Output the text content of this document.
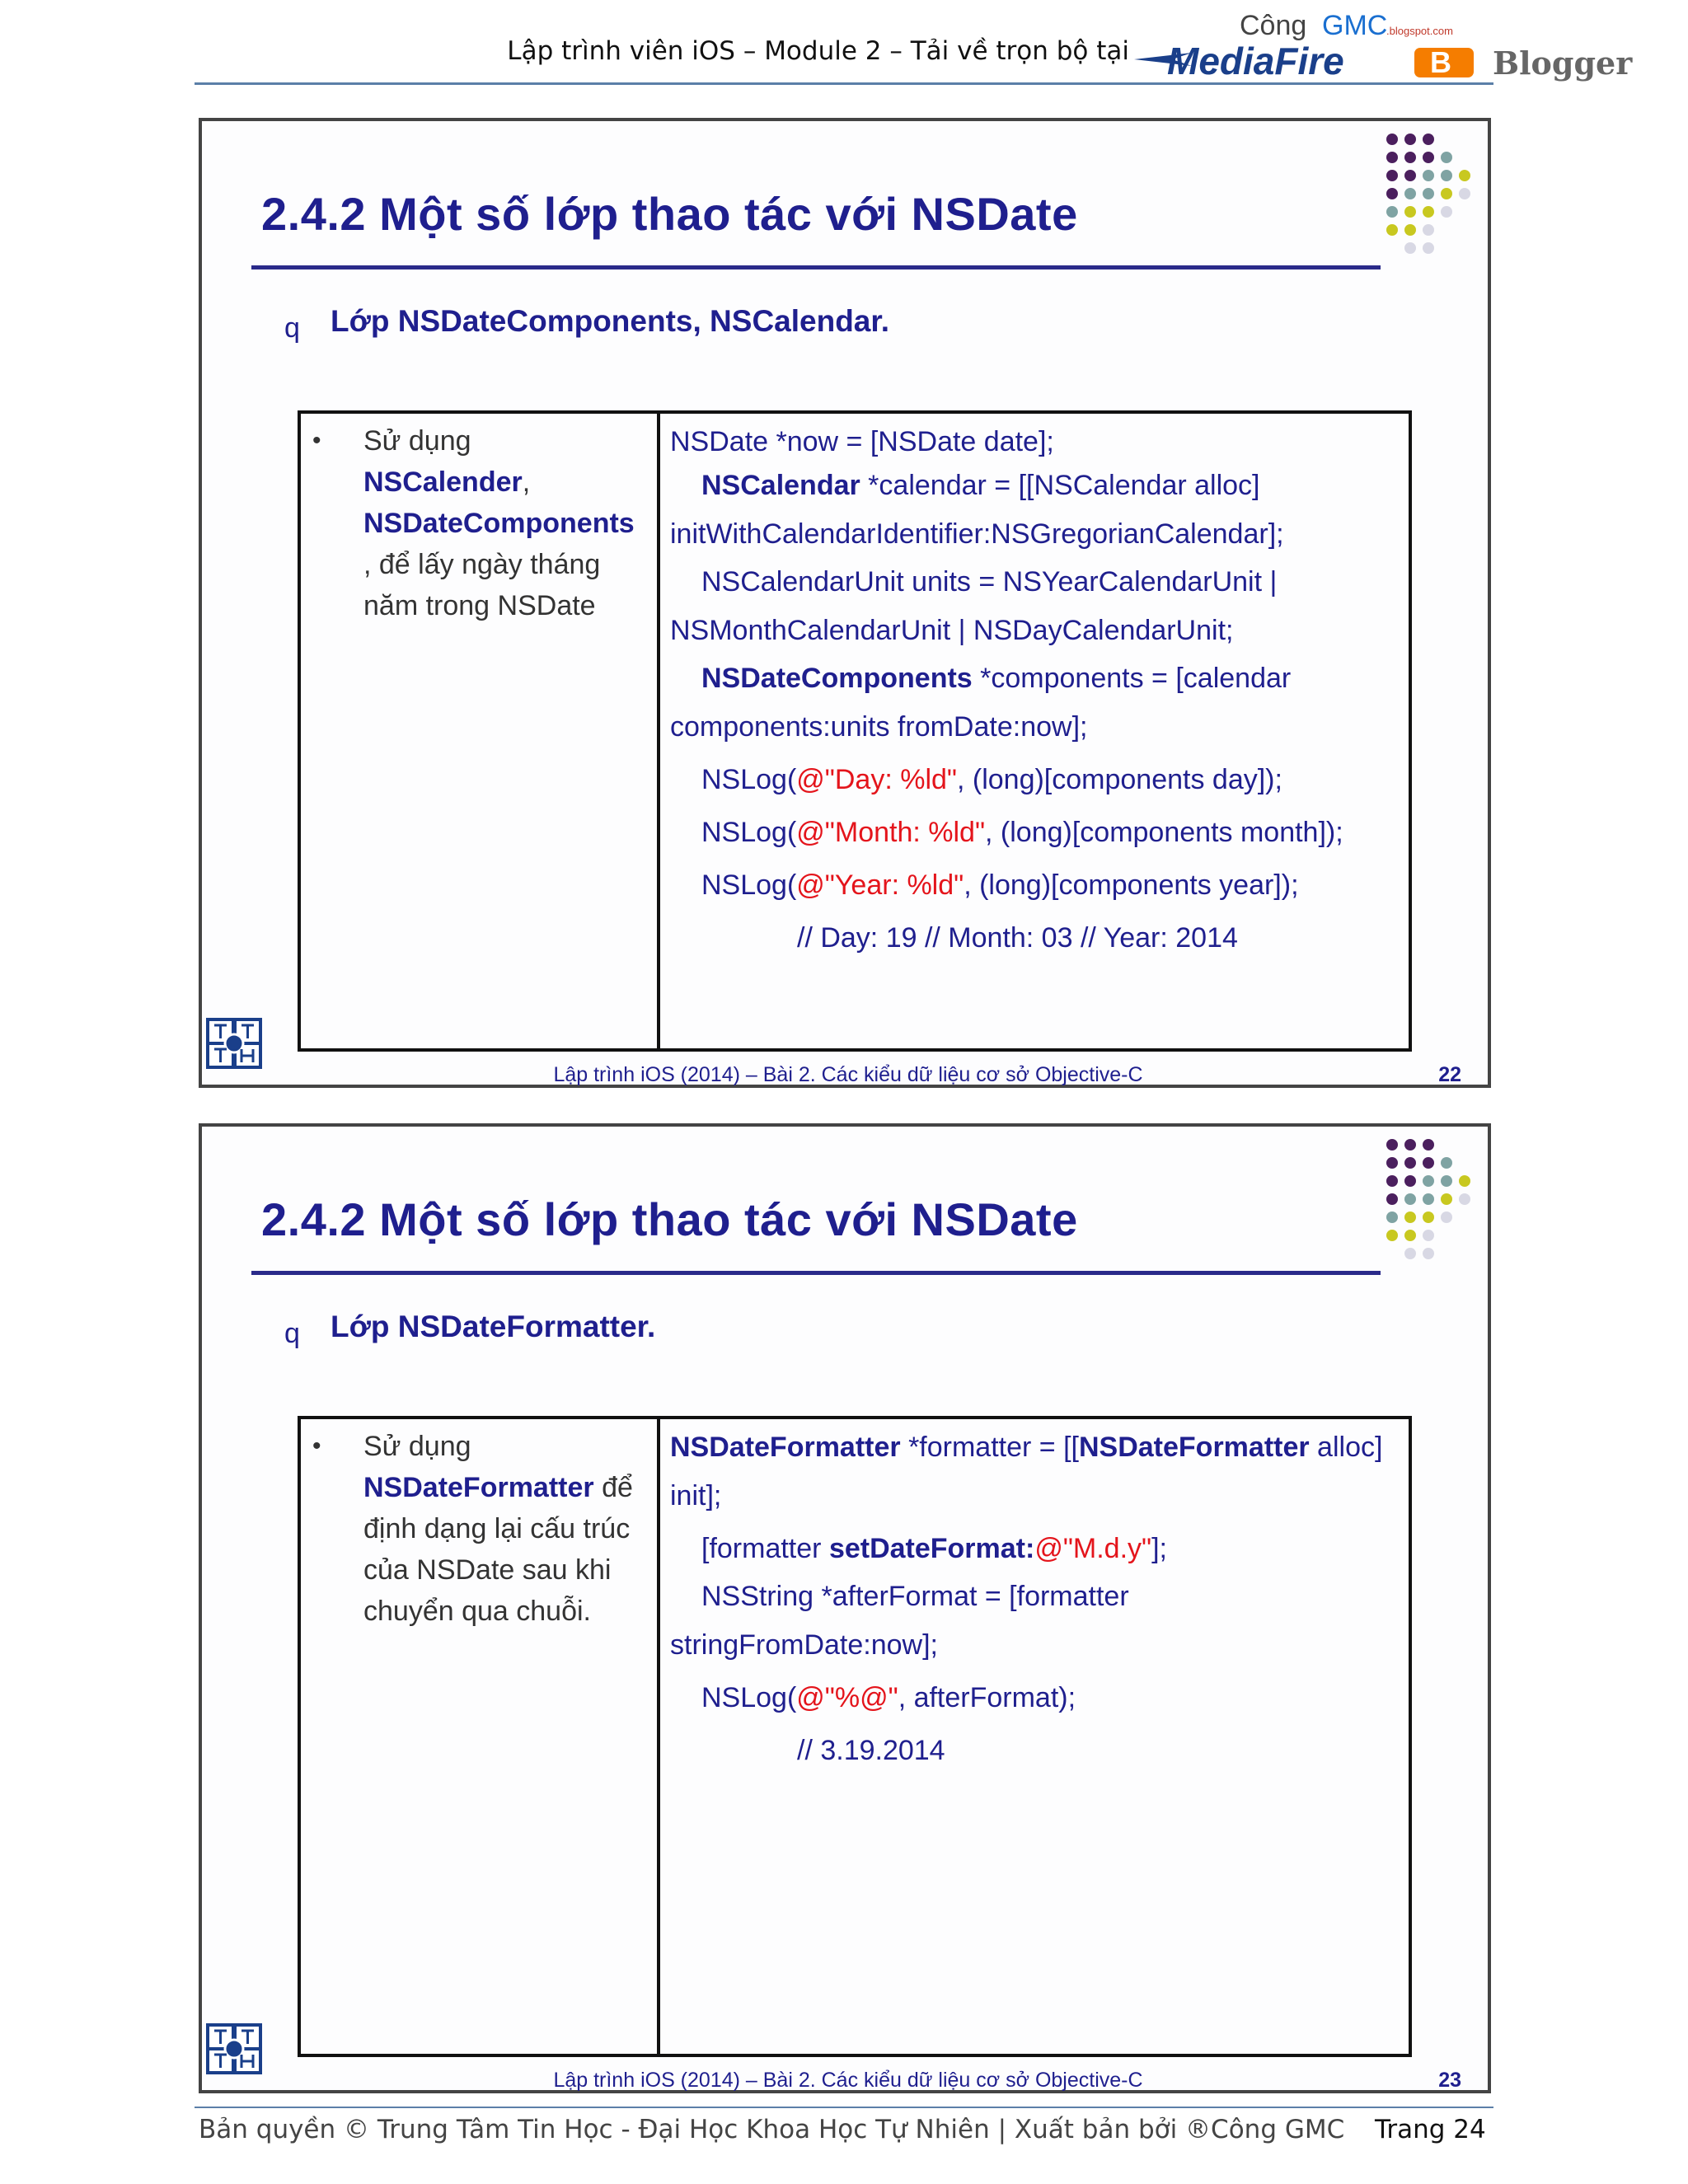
Lập trình viên iOS – Module 2 – Tải về trọn bộ tại
Công GMC
.blogspot.com
MediaFire	B Blogger
2.4.2 Một số lớp thao tác với NSDate
q Lớp NSDateComponents, NSCalendar.
• Sử dụng
NSCalender,
NSDateComponents
, để lấy ngày tháng năm trong NSDate
NSDate *now = [NSDate date];
NSCalendar *calendar = [[NSCalendar alloc]
initWithCalendarIdentifier:NSGregorianCalendar];
NSCalendarUnit units = NSYearCalendarUnit |
NSMonthCalendarUnit | NSDayCalendarUnit;
NSDateComponents *components = [calendar
components:units fromDate:now];
NSLog(@"Day: %ld", (long)[components day]);
NSLog(@"Month: %ld", (long)[components month]);
NSLog(@"Year: %ld", (long)[components year]);
// Day: 19 // Month: 03 // Year: 2014
Lập trình iOS (2014) – Bài 2. Các kiểu dữ liệu cơ sở Objective-C	22
2.4.2 Một số lớp thao tác với NSDate
q Lớp NSDateFormatter.
• Sử dụng
NSDateFormatter để định dạng lại cấu trúc của NSDate sau khi chuyển qua chuỗi.
NSDateFormatter *formatter = [[NSDateFormatter alloc]
init];
[formatter setDateFormat:@"M.d.y"];
NSString *afterFormat = [formatter
stringFromDate:now];
NSLog(@"%@", afterFormat);
// 3.19.2014
Lập trình iOS (2014) – Bài 2. Các kiểu dữ liệu cơ sở Objective-C	23
Bản quyền © Trung Tâm Tin Học - Đại Học Khoa Học Tự Nhiên | Xuất bản bởi ®Công GMC Trang 24
